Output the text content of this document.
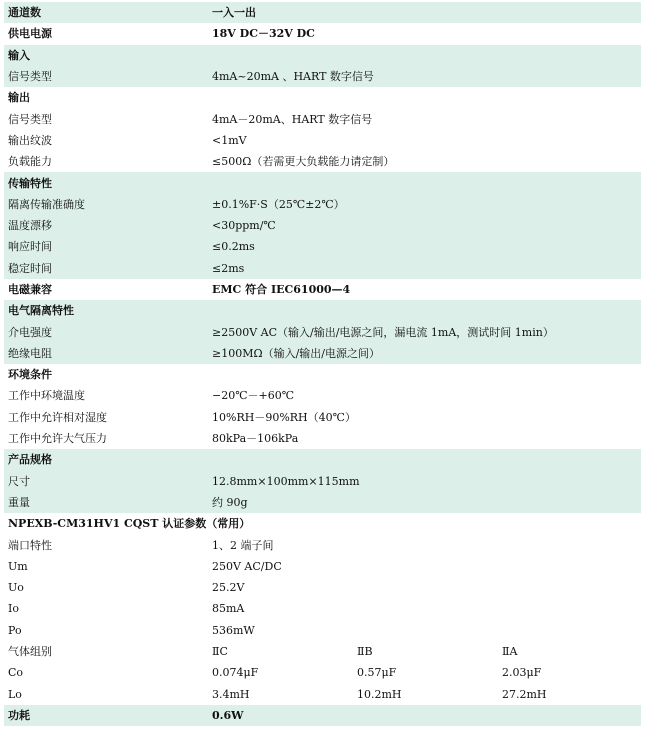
通道数	一入一出		
供电电源	18V DC－32V DC		
输入			
信号类型	4mA~20mA 、HART 数字信号		
输出			
信号类型	4mA－20mA、HART 数字信号		
输出纹波	<1mV		
负载能力	≤500Ω（若需更大负载能力请定制）		
传输特性			
隔离传输准确度	±0.1%F·S（25℃±2℃）		
温度漂移	<30ppm/℃		
响应时间	≤0.2ms		
稳定时间	≤2ms		
电磁兼容	EMC 符合 IEC61000—4		
电气隔离特性			
介电强度	≥2500V AC（输入/输出/电源之间，漏电流 1mA，测试时间 1min）		
绝缘电阻	≥100MΩ（输入/输出/电源之间）		
环境条件			
工作中环境温度	−20℃－+60℃		
工作中允许相对湿度	10%RH－90%RH（40℃）		
工作中允许大气压力	80kPa－106kPa		
产品规格			
尺寸	12.8mm×100mm×115mm		
重量	约 90g		
NPEXB-CM31HV1 CQST 认证参数（常用）			
端口特性	1、2 端子间		
Um	250V AC/DC		
Uo	25.2V		
Io	85mA		
Po	536mW		
气体组别	ⅡC	ⅡB	ⅡA
Co	0.074μF	0.57μF	2.03μF
Lo	3.4mH	10.2mH	27.2mH
功耗	0.6W		
